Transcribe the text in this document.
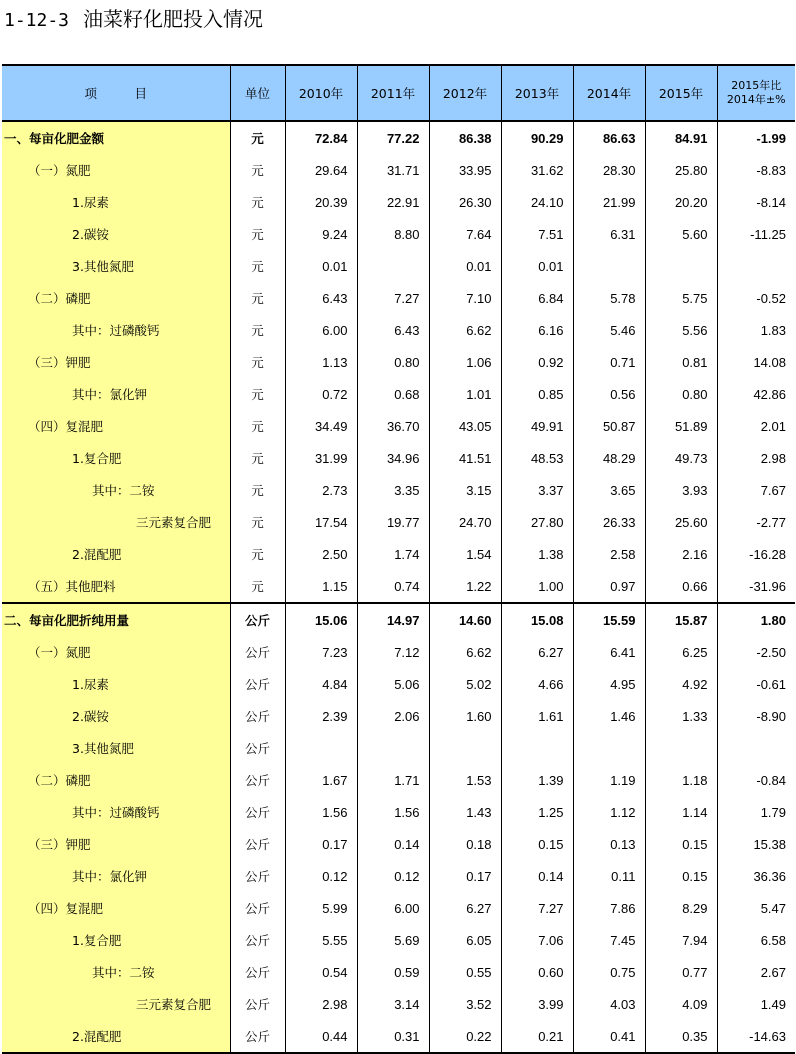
1-12-3 油菜籽化肥投入情况
项　　　目	单位	2010年	2011年	2012年	2013年	2014年	2015年	2015年比
2014年±%
一、每亩化肥金额	元	72.84	77.22	86.38	90.29	86.63	84.91	-1.99
（一）氮肥	元	29.64	31.71	33.95	31.62	28.30	25.80	-8.83
1.尿素	元	20.39	22.91	26.30	24.10	21.99	20.20	-8.14
2.碳铵	元	9.24	8.80	7.64	7.51	6.31	5.60	-11.25
3.其他氮肥	元	0.01		0.01	0.01			
（二）磷肥	元	6.43	7.27	7.10	6.84	5.78	5.75	-0.52
其中：过磷酸钙	元	6.00	6.43	6.62	6.16	5.46	5.56	1.83
（三）钾肥	元	1.13	0.80	1.06	0.92	0.71	0.81	14.08
其中：氯化钾	元	0.72	0.68	1.01	0.85	0.56	0.80	42.86
（四）复混肥	元	34.49	36.70	43.05	49.91	50.87	51.89	2.01
1.复合肥	元	31.99	34.96	41.51	48.53	48.29	49.73	2.98
其中：二铵	元	2.73	3.35	3.15	3.37	3.65	3.93	7.67
三元素复合肥	元	17.54	19.77	24.70	27.80	26.33	25.60	-2.77
2.混配肥	元	2.50	1.74	1.54	1.38	2.58	2.16	-16.28
（五）其他肥料	元	1.15	0.74	1.22	1.00	0.97	0.66	-31.96
二、每亩化肥折纯用量	公斤	15.06	14.97	14.60	15.08	15.59	15.87	1.80
（一）氮肥	公斤	7.23	7.12	6.62	6.27	6.41	6.25	-2.50
1.尿素	公斤	4.84	5.06	5.02	4.66	4.95	4.92	-0.61
2.碳铵	公斤	2.39	2.06	1.60	1.61	1.46	1.33	-8.90
3.其他氮肥	公斤							
（二）磷肥	公斤	1.67	1.71	1.53	1.39	1.19	1.18	-0.84
其中：过磷酸钙	公斤	1.56	1.56	1.43	1.25	1.12	1.14	1.79
（三）钾肥	公斤	0.17	0.14	0.18	0.15	0.13	0.15	15.38
其中：氯化钾	公斤	0.12	0.12	0.17	0.14	0.11	0.15	36.36
（四）复混肥	公斤	5.99	6.00	6.27	7.27	7.86	8.29	5.47
1.复合肥	公斤	5.55	5.69	6.05	7.06	7.45	7.94	6.58
其中：二铵	公斤	0.54	0.59	0.55	0.60	0.75	0.77	2.67
三元素复合肥	公斤	2.98	3.14	3.52	3.99	4.03	4.09	1.49
2.混配肥	公斤	0.44	0.31	0.22	0.21	0.41	0.35	-14.63
